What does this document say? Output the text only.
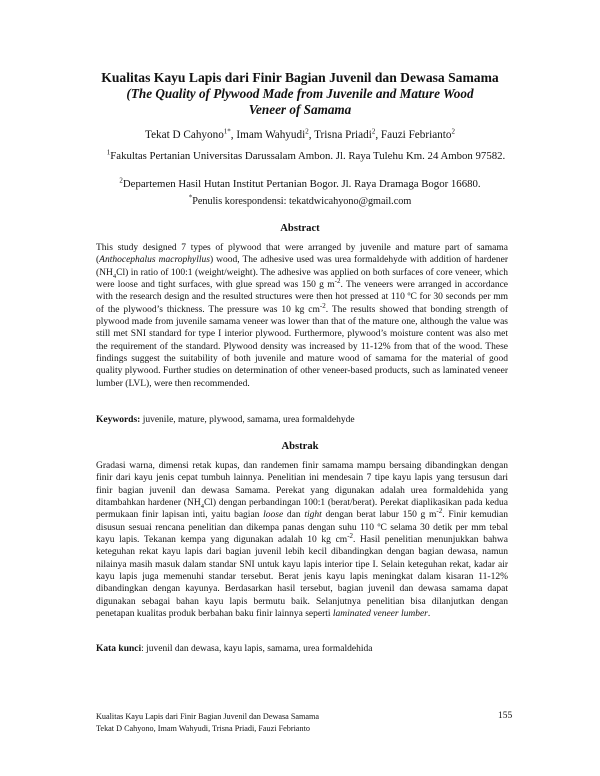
Kualitas Kayu Lapis dari Finir Bagian Juvenil dan Dewasa Samama
(The Quality of Plywood Made from Juvenile and Mature Wood
Veneer of Samama
Tekat D Cahyono$^{1*}$, Imam Wahyudi$^2$, Trisna Priadi$^2$, Fauzi Febrianto$^2$
$^1$Fakultas Pertanian Universitas Darussalam Ambon. Jl. Raya Tulehu Km. 24 Ambon 97582.
$^2$Departemen Hasil Hutan Institut Pertanian Bogor. Jl. Raya Dramaga Bogor 16680.
*Penulis korespondensi: tekatdwicahyono@gmail.com
Abstract
This study designed 7 types of plywood that were arranged by juvenile and mature part of samama (Anthocephalus macrophyllus) wood, The adhesive used was urea formaldehyde with addition of hardener $(NH_4Cl)$ in ratio of 100:1 (weight/weight). The adhesive was applied on both surfaces of core veneer, which were loose and tight surfaces, with glue spread was 150 g $m^{-2}$. The veneers were arranged in accordance with the research design and the resulted structures were then hot pressed at 110 ºC for 30 seconds per mm of the plywood’s thickness. The pressure was 10 kg $cm^{-2}$. The results showed that bonding strength of plywood made from juvenile samama veneer was lower than that of the mature one, although the value was still met SNI standard for type I interior plywood. Furthermore, plywood’s moisture content was also met the requirement of the standard. Plywood density was increased by 11-12% from that of the wood. These findings suggest the suitability of both juvenile and mature wood of samama for the material of good quality plywood. Further studies on determination of other veneer-based products, such as laminated veneer lumber (LVL), were then recommended.
Keywords: juvenile, mature, plywood, samama, urea formaldehyde
Abstrak
Gradasi warna, dimensi retak kupas, dan randemen finir samama mampu bersaing dibandingkan dengan finir dari kayu jenis cepat tumbuh lainnya. Penelitian ini mendesain 7 tipe kayu lapis yang tersusun dari finir bagian juvenil dan dewasa Samama. Perekat yang digunakan adalah urea formaldehida yang ditambahkan hardener $(NH_4Cl)$ dengan perbandingan 100:1 (berat/berat). Perekat diaplikasikan pada kedua permukaan finir lapisan inti, yaitu bagian loose dan tight dengan berat labur 150 g $m^{-2}$. Finir kemudian disusun sesuai rencana penelitian dan dikempa panas dengan suhu 110 ºC selama 30 detik per mm tebal kayu lapis. Tekanan kempa yang digunakan adalah 10 kg $cm^{-2}$. Hasil penelitian menunjukkan bahwa keteguhan rekat kayu lapis dari bagian juvenil lebih kecil dibandingkan dengan bagian dewasa, namun nilainya masih masuk dalam standar SNI untuk kayu lapis interior tipe I. Selain keteguhan rekat, kadar air kayu lapis juga memenuhi standar tersebut. Berat jenis kayu lapis meningkat dalam kisaran 11-12% dibandingkan dengan kayunya. Berdasarkan hasil tersebut, bagian juvenil dan dewasa samama dapat digunakan sebagai bahan kayu lapis bermutu baik. Selanjutnya penelitian bisa dilanjutkan dengan penetapan kualitas produk berbahan baku finir lainnya seperti laminated veneer lumber.
Kata kunci: juvenil dan dewasa, kayu lapis, samama, urea formaldehida
Kualitas Kayu Lapis dari Finir Bagian Juvenil dan Dewasa Samama
Tekat D Cahyono, Imam Wahyudi, Trisna Priadi, Fauzi Febrianto
155
